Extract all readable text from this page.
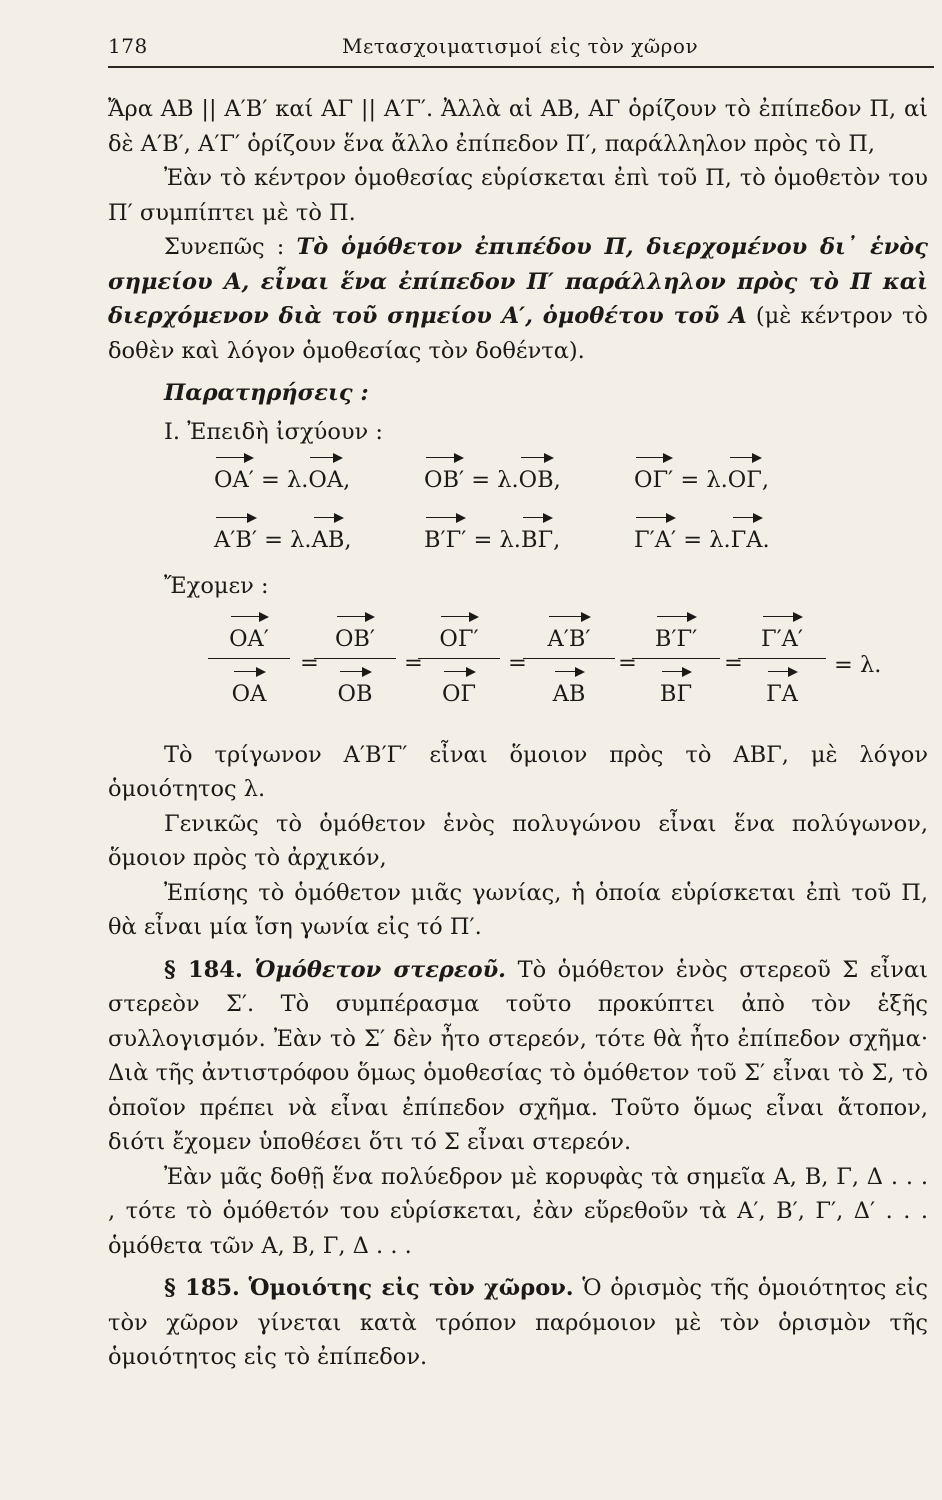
178	Μετασχοιματισμοί εἰς τὸν χῶρον

Ἄρα AB || A′B′ καί AΓ || A′Γ′. Ἀλλὰ αἱ AB, AΓ ὁρίζουν τὸ ἐπίπεδον Π, αἱ δὲ A′B′, A′Γ′ ὁρίζουν ἕνα ἄλλο ἐπίπεδον Π′, παράλληλον πρὸς τὸ Π,

Ἐὰν τὸ κέντρον ὁμοθεσίας εὑρίσκεται ἐπὶ τοῦ Π, τὸ ὁμοθετὸν του Π′ συμπίπτει μὲ τὸ Π.

Συνεπῶς : Τὸ ὁμόθετον ἐπιπέδου Π, διερχομένου δι᾽ ἑνὸς σημείου Α, εἶναι ἕνα ἐπίπεδον Π′ παράλληλον πρὸς τὸ Π καὶ διερχόμενον διὰ τοῦ σημείου Α′, ὁμοθέτου τοῦ Α (μὲ κέντρον τὸ δοθὲν καὶ λόγον ὁμοθεσίας τὸν δοθέντα).

Παρατηρήσεις :

Ι. Ἐπειδὴ ἰσχύουν :

OA′ = λ.OA,	OB′ = λ.OB,	OΓ′ = λ.OΓ,
A′B′ = λ.AB,	B′Γ′ = λ.BΓ,	Γ′A′ = λ.ΓA.

Ἔχομεν :

OA′
OA
=
OB′
OB
=
OΓ′
OΓ
=
A′B′
AB
=
B′Γ′
BΓ
=
Γ′A′
ΓA
= λ.

Τὸ τρίγωνον A′B′Γ′ εἶναι ὅμοιον πρὸς τὸ ABΓ, μὲ λόγον ὁμοιότητος λ.

Γενικῶς τὸ ὁμόθετον ἑνὸς πολυγώνου εἶναι ἕνα πολύγωνον, ὅμοιον πρὸς τὸ ἀρχικόν,

Ἐπίσης τὸ ὁμόθετον μιᾶς γωνίας, ἡ ὁποία εὑρίσκεται ἐπὶ τοῦ Π, θὰ εἶναι μία ἴση γωνία εἰς τό Π′.

§ 184. Ὁμόθετον στερεοῦ. Τὸ ὁμόθετον ἑνὸς στερεοῦ Σ εἶναι στερεὸν Σ′. Τὸ συμπέρασμα τοῦτο προκύπτει ἀπὸ τὸν ἑξῆς συλλογισμόν. Ἐὰν τὸ Σ′ δὲν ἦτο στερεόν, τότε θὰ ἦτο ἐπίπεδον σχῆμα· Διὰ τῆς ἀντιστρόφου ὅμως ὁμοθεσίας τὸ ὁμόθετον τοῦ Σ′ εἶναι τὸ Σ, τὸ ὁποῖον πρέπει νὰ εἶναι ἐπίπεδον σχῆμα. Τοῦτο ὅμως εἶναι ἄτοπον, διότι ἔχομεν ὑποθέσει ὅτι τό Σ εἶναι στερεόν.

Ἐὰν μᾶς δοθῇ ἕνα πολύεδρον μὲ κορυφὰς τὰ σημεῖα A, B, Γ, Δ . . . , τότε τὸ ὁμόθετόν του εὑρίσκεται, ἐὰν εὕρεθοῦν τὰ A′, B′, Γ′, Δ′ . . . ὁμόθετα τῶν A, B, Γ, Δ . . .

§ 185. Ὁμοιότης εἰς τὸν χῶρον. Ὁ ὁρισμὸς τῆς ὁμοιότητος εἰς τὸν χῶρον γίνεται κατὰ τρόπον παρόμοιον μὲ τὸν ὁρισμὸν τῆς ὁμοιότητος εἰς τὸ ἐπίπεδον.
